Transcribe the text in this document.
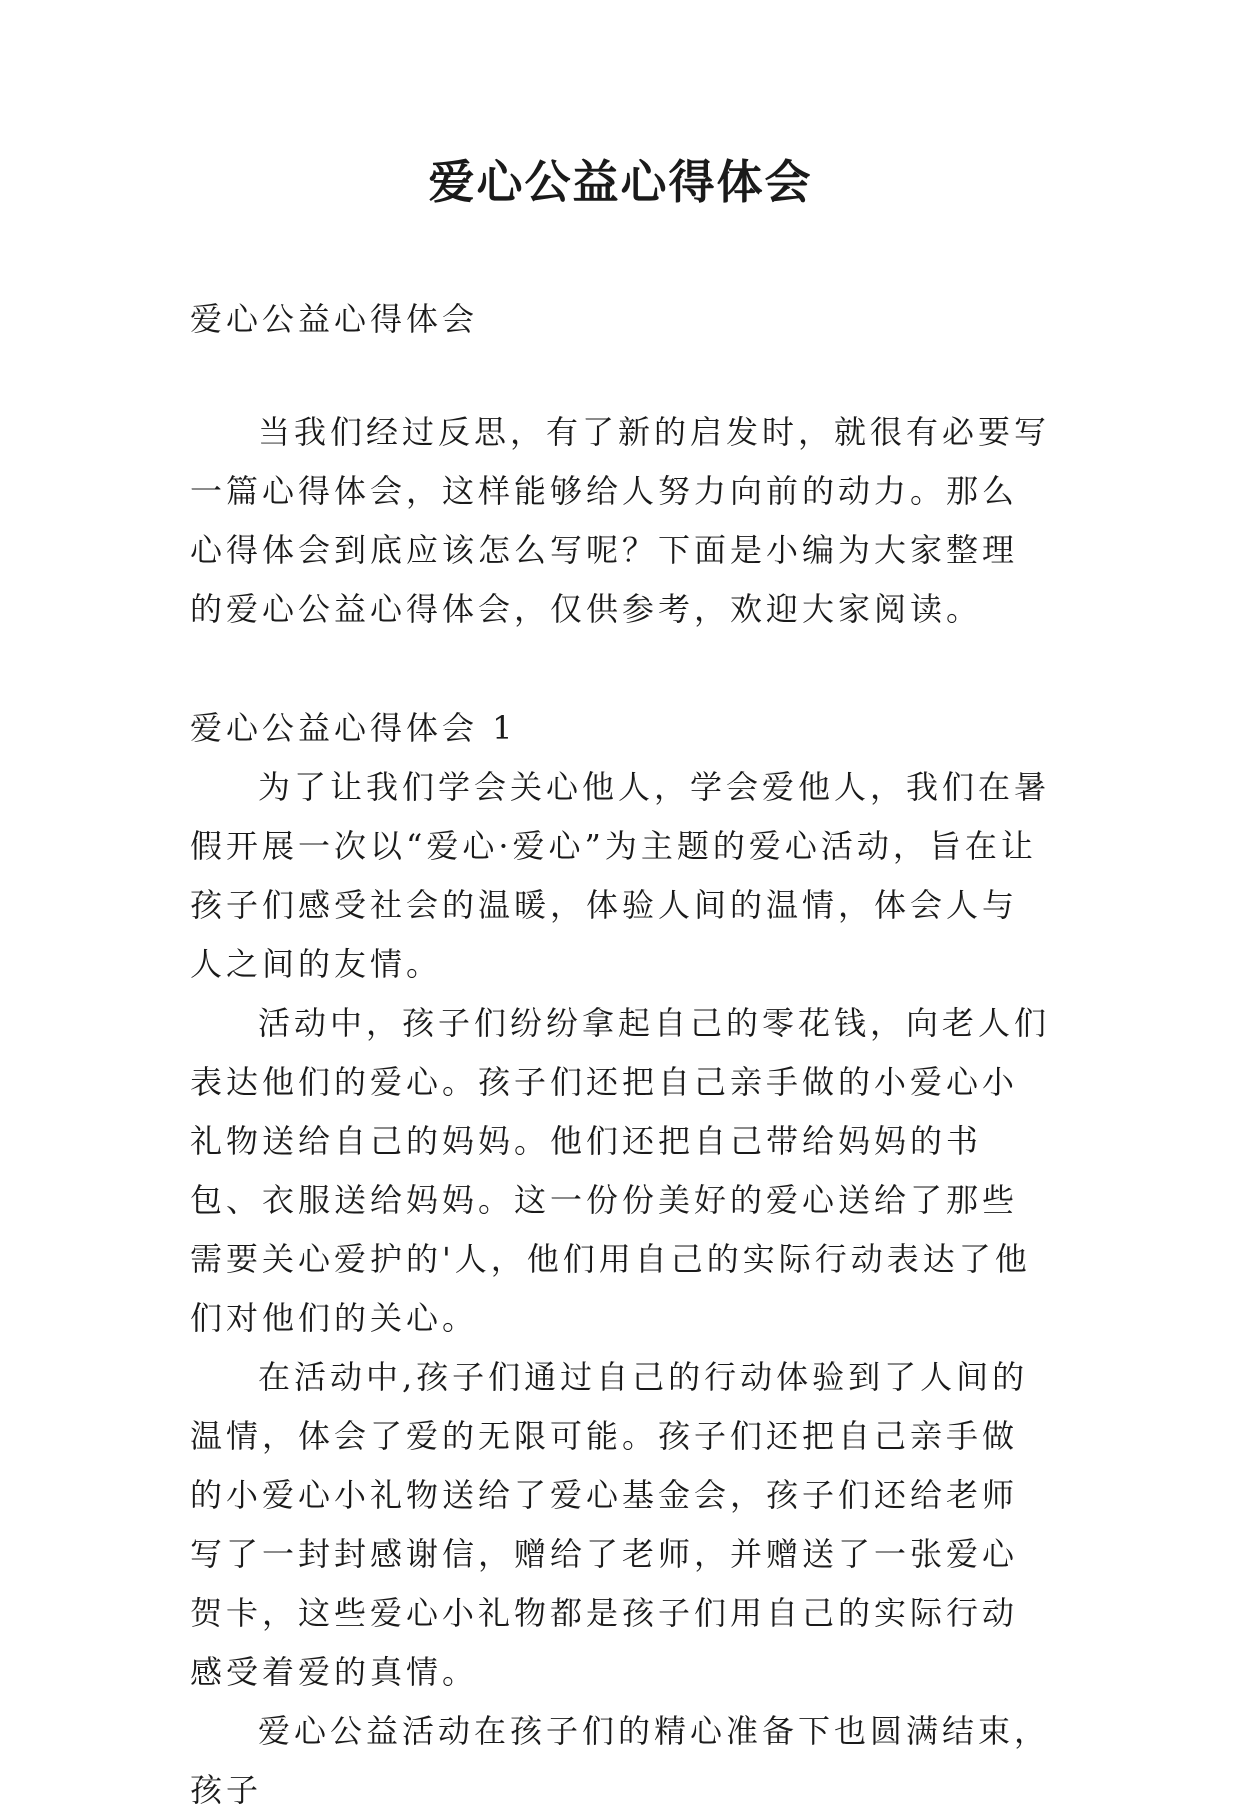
爱心公益心得体会
爱心公益心得体会

当我们经过反思，有了新的启发时，就很有必要写一篇心得体会，这样能够给人努力向前的动力。那么心得体会到底应该怎么写呢？下面是小编为大家整理的爱心公益心得体会，仅供参考，欢迎大家阅读。

爱心公益心得体会 1

为了让我们学会关心他人，学会爱他人，我们在暑假开展一次以“爱心·爱心”为主题的爱心活动，旨在让孩子们感受社会的温暖，体验人间的温情，体会人与人之间的友情。

活动中，孩子们纷纷拿起自己的零花钱，向老人们表达他们的爱心。孩子们还把自己亲手做的小爱心小礼物送给自己的妈妈。他们还把自己带给妈妈的书包、衣服送给妈妈。这一份份美好的爱心送给了那些需要关心爱护的'人，他们用自己的实际行动表达了他们对他们的关心。

在活动中,孩子们通过自己的行动体验到了人间的温情，体会了爱的无限可能。孩子们还把自己亲手做的小爱心小礼物送给了爱心基金会，孩子们还给老师写了一封封感谢信，赠给了老师，并赠送了一张爱心贺卡，这些爱心小礼物都是孩子们用自己的实际行动感受着爱的真情。

爱心公益活动在孩子们的精心准备下也圆满结束，孩子
